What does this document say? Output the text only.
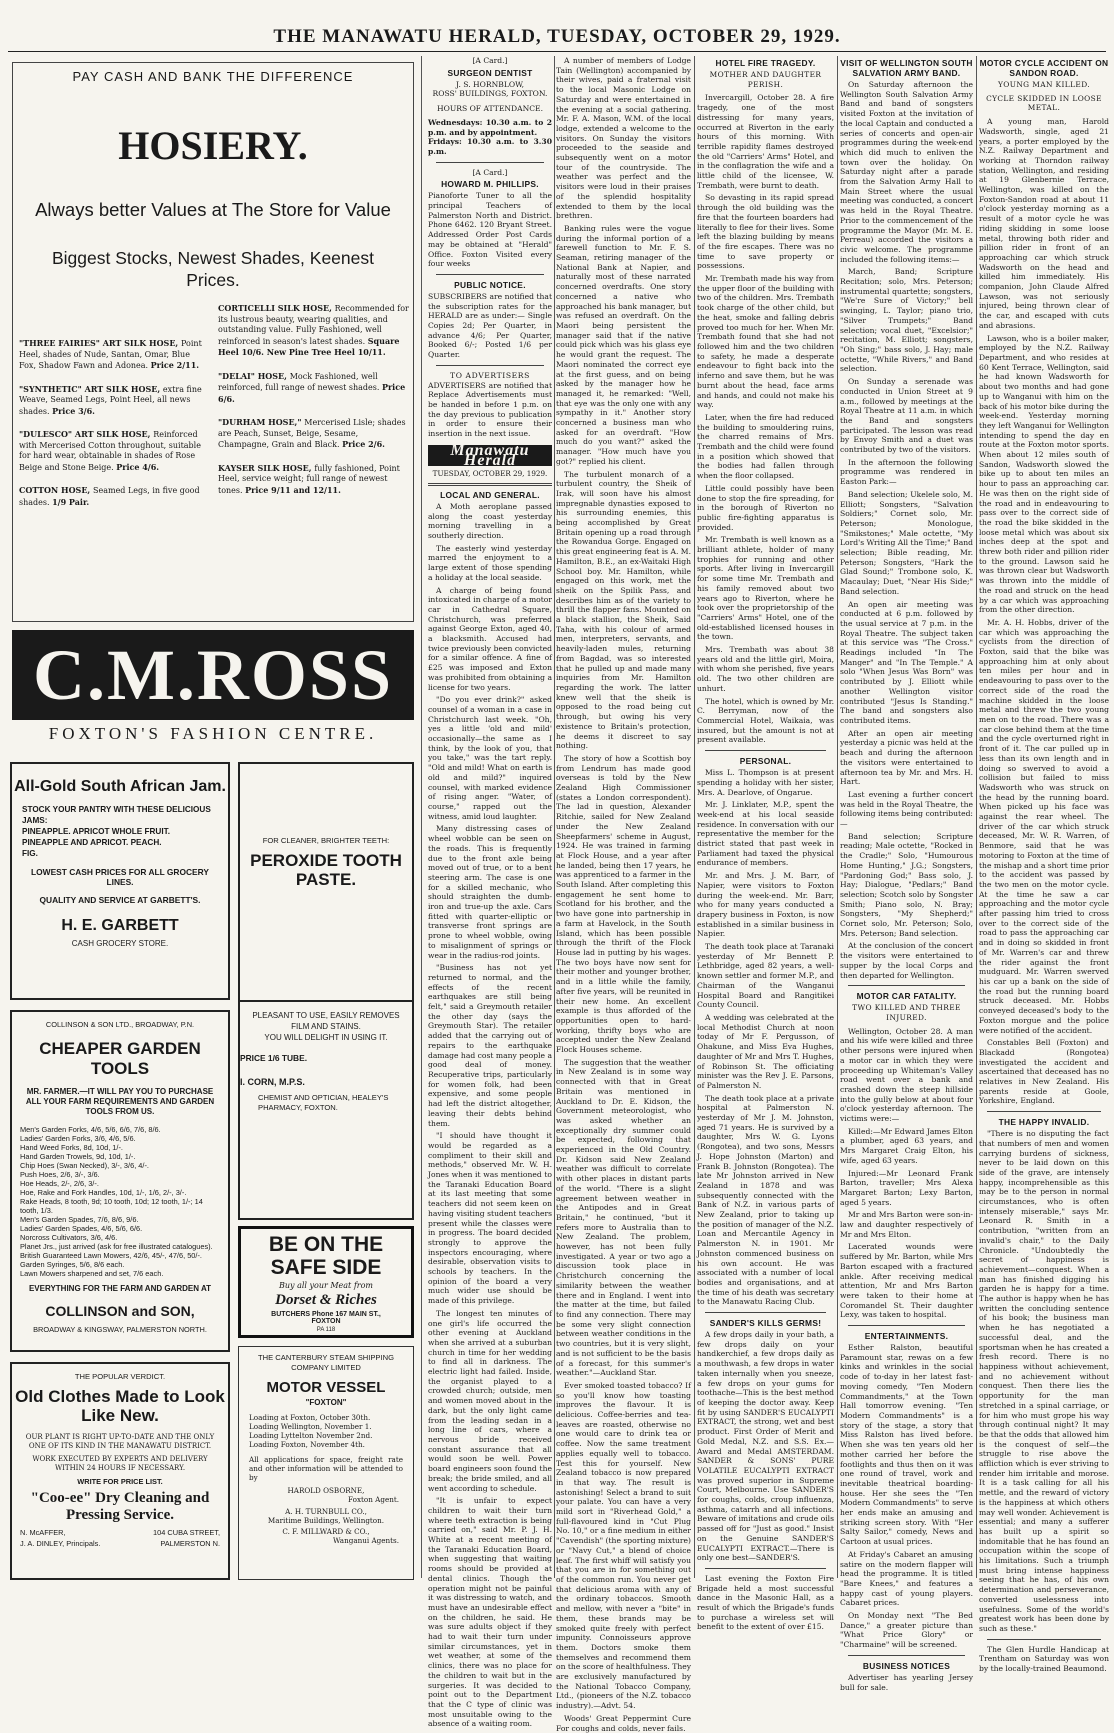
THE MANAWATU HERALD, TUESDAY, OCTOBER 29, 1929.
PAY CASH AND BANK THE DIFFERENCE
HOSIERY.
Always better Values at The Store for Value
Biggest Stocks, Newest Shades, Keenest Prices.
"THREE FAIRIES" ART SILK HOSE, Point Heel, shades of Nude, Santan, Omar, Blue Fox, Shadow Fawn and Adonea. Price 2/11.
"SYNTHETIC" ART SILK HOSE, extra fine Weave, Seamed Legs, Point Heel, all news shades. Price 3/6.
"DULESCO" ART SILK HOSE, Reinforced with Mercerised Cotton throughout, suitable for hard wear, obtainable in shades of Rose Beige and Stone Beige. Price 4/6.
COTTON HOSE, Seamed Legs, in five good shades. 1/9 Pair.
CORTICELLI SILK HOSE, Recommended for its lustrous beauty, wearing qualities, and outstanding value. Fully Fashioned, well reinforced in season's latest shades. Square Heel 10/6. New Pine Tree Heel 10/11.
"DELAI" HOSE, Mock Fashioned, well reinforced, full range of newest shades. Price 6/6.
"DURHAM HOSE," Mercerised Lisle; shades are Peach, Sunset, Beige, Sesame, Champagne, Grain and Black. Price 2/6.
KAYSER SILK HOSE, fully fashioned, Point Heel, service weight; full range of newest tones. Price 9/11 and 12/11.
C.M.ROSS
FOXTON'S FASHION CENTRE.
All-Gold South African Jam.
STOCK YOUR PANTRY WITH THESE DELICIOUS JAMS:
PINEAPPLE. APRICOT WHOLE FRUIT.
PINEAPPLE AND APRICOT. PEACH.
FIG.
LOWEST CASH PRICES FOR ALL GROCERY LINES.
QUALITY AND SERVICE AT GARBETT'S.
H. E. GARBETT
CASH GROCERY STORE.
FOR CLEANER, BRIGHTER TEETH:
PEROXIDE TOOTH PASTE.
PLEASANT TO USE, EASILY REMOVES FILM AND STAINS.
YOU WILL DELIGHT IN USING IT.
PRICE 1/6 TUBE.
I. CORN, M.P.S.
CHEMIST AND OPTICIAN, HEALEY'S PHARMACY, FOXTON.
COLLINSON & SON LTD., BROADWAY, P.N.
CHEAPER GARDEN TOOLS
MR. FARMER.—IT WILL PAY YOU TO PURCHASE ALL YOUR FARM REQUIREMENTS AND GARDEN TOOLS FROM US.
Men's Garden Forks, 4/6, 5/6, 6/6, 7/6, 8/6.
Ladies' Garden Forks, 3/6, 4/6, 5/6.
Hand Weed Forks, 8d, 10d, 1/-.
Hand Garden Trowels, 9d, 10d, 1/-.
Chip Hoes (Swan Necked), 3/-, 3/6, 4/-.
Push Hoes, 2/6, 3/-, 3/6.
Hoe Heads, 2/-, 2/6, 3/-.
Hoe, Rake and Fork Handles, 10d, 1/-, 1/6, 2/-, 3/-.
Rake Heads, 8 tooth, 9d; 10 tooth, 10d; 12 tooth, 1/-; 14 tooth, 1/3.
Men's Garden Spades, 7/6, 8/6, 9/6.
Ladies' Garden Spades, 4/6, 5/6, 6/6.
Norcross Cultivators, 3/6, 4/6.
Planet Jrs., just arrived (ask for free illustrated catalogues).
British Guaranteed Lawn Mowers, 42/6, 45/-, 47/6, 50/-.
Garden Syringes, 5/6, 8/6 each.
Lawn Mowers sharpened and set, 7/6 each.
EVERYTHING FOR THE FARM AND GARDEN AT
COLLINSON and SON,
BROADWAY & KINGSWAY, PALMERSTON NORTH.
BE ON THE SAFE SIDE
Buy all your Meat from
Dorset & Riches
BUTCHERS Phone 167 MAIN ST., FOXTON
PA 118
THE POPULAR VERDICT.
Old Clothes Made to Look Like New.
OUR PLANT IS RIGHT UP-TO-DATE AND THE ONLY ONE OF ITS KIND IN THE MANAWATU DISTRICT.
WORK EXECUTED BY EXPERTS AND DELIVERY WITHIN 24 HOURS IF NECESSARY.
WRITE FOR PRICE LIST.
"Coo-ee" Dry Cleaning and Pressing Service.
N. McAFFER,	104 CUBA STREET,
J. A. DINLEY, Principals.	PALMERSTON N.
THE CANTERBURY STEAM SHIPPING COMPANY LIMITED
MOTOR VESSEL
"FOXTON"
Loading at Foxton, October 30th.
Loading Wellington, November 1.
Loading Lyttelton November 2nd.
Loading Foxton, November 4th.
All applications for space, freight rate and other information will be attended to by
HAROLD OSBORNE,
Foxton Agent.
A. H. TURNBULL CO.,
Maritime Buildings, Wellington.
C. F. MILLWARD & CO.,
Wanganui Agents.
[A Card.]
SURGEON DENTIST
J. S. HORNBLOW,
ROSS' BUILDINGS, FOXTON.
HOURS OF ATTENDANCE.
Wednesdays: 10.30 a.m. to 2 p.m. and by appointment.
Fridays: 10.30 a.m. to 3.30 p.m.
[A Card.]
HOWARD M. PHILLIPS.
Pianoforte Tuner to all the principal Teachers of Palmerston North and District. Phone 6462. 120 Bryant Street. Addressed Order Post Cards may be obtained at "Herald" Office. Foxton Visited every four weeks
PUBLIC NOTICE.
SUBSCRIBERS are notified that the subscription rates for the HERALD are as under:— Single Copies 2d; Per Quarter, in advance 4/6; Per Quarter, Booked 6/-; Posted 1/6 per Quarter.
TO ADVERTISERS
ADVERTISERS are notified that Replace Advertisements must be handed in before 1 p.m. on the day previous to publication in order to ensure their insertion in the next issue.
Manawatu Herald
TUESDAY, OCTOBER 29, 1929.
LOCAL AND GENERAL.

A Moth aeroplane passed along the coast yesterday morning travelling in a southerly direction.

The easterly wind yesterday marred the enjoyment to a large extent of those spending a holiday at the local seaside.

A charge of being found intoxicated in charge of a motor car in Cathedral Square, Christchurch, was preferred against George Exton, aged 40, a blacksmith. Accused had twice previously been convicted for a similar offence. A fine of £25 was imposed and Exton was prohibited from obtaining a license for two years.

"Do you ever drink?" asked counsel of a woman in a case in Christchurch last week. "Oh, yes a little 'old and mild' occasionally—the same as I think, by the look of you, that you take," was the tart reply. "Old and mild! What on earth is old and mild?" inquired counsel, with marked evidence of rising anger. "Water, of course," rapped out the witness, amid loud laughter.

Many distressing cases of wheel wobble can be seen on the roads. This is frequently due to the front axle being moved out of true, or to a bent steering arm. The case is one for a skilled mechanic, who should straighten the dumb-iron and true-up the axle. Cars fitted with quarter-elliptic or transverse front springs are prone to wheel wobble, owing to misalignment of springs or wear in the radius-rod joints.

"Business has not yet returned to normal, and the effects of the recent earthquakes are still being felt," said a Greymouth retailer the other day (says the Greymouth Star). The retailer added that the carrying out of repairs to the earthquake damage had cost many people a good deal of money. Recuperative trips, particularly for women folk, had been expensive, and some people had left the district altogether, leaving their debts behind them.

"I should have thought it would be regarded as a compliment to their skill and methods," observed Mr. W. H. Jones when it was mentioned to the Taranaki Education Board at its last meeting that some teachers did not seem keen on having visiting student teachers present while the classes were in progress. The board decided strongly to approve the inspectors encouraging, where desirable, observation visits to schools by teachers. In the opinion of the board a very much wider use should be made of this privilege.

The longest ten minutes of one girl's life occurred the other evening at Auckland when she arrived at a suburban church in time for her wedding to find all in darkness. The electric light had failed. Inside, the organist played to a crowded church; outside, men and women moved about in the dark, but the only light came from the leading sedan in a long line of cars, where a nervous bride received constant assurance that all would soon be well. Power board engineers soon found the break; the bride smiled, and all went according to schedule.

"It is unfair to expect children to wait their turn where teeth extraction is being carried on," said Mr. P. J. H. White at a recent meeting of the Taranaki Education Board, when suggesting that waiting rooms should be provided at dental clinics. Though the operation might not be painful it was distressing to watch, and must have an undesirable effect on the children, he said. He was sure adults object if they had to wait their turn under similar circumstances, yet in wet weather, at some of the clinics, there was no place for the children to wait but in the surgeries. It was decided to point out to the Department that the C type of clinic was most unsuitable owing to the absence of a waiting room.

A number of members of Lodge Tain (Wellington) accompanied by their wives, paid a fraternal visit to the local Masonic Lodge on Saturday and were entertained in the evening at a social gathering. Mr. F. A. Mason, W.M. of the local lodge, extended a welcome to the visitors. On Sunday the visitors proceeded to the seaside and subsequently went on a motor tour of the countryside. The weather was perfect and the visitors were loud in their praises of the splendid hospitality extended to them by the local brethren.

Banking rules were the vogue during the informal portion of a farewell function to Mr. F. S. Seaman, retiring manager of the National Bank at Napier, and naturally most of these narrated concerned overdrafts. One story concerned a native who approached his bank manager, but was refused an overdraft. On the Maori being persistent the manager said that if the native could pick which was his glass eye he would grant the request. The Maori nominated the correct eye at the first guess, and on being asked by the manager how he managed it, he remarked: "Well, that eye was the only one with any sympathy in it." Another story concerned a business man who asked for an overdraft. "How much do you want?" asked the manager. "How much have you got?" replied his client.

The turbulent monarch of a turbulent country, the Sheik of Irak, will soon have his almost impregnable dynasties exposed to his surrounding enemies, this being accomplished by Great Britain opening up a road through the Rowandua Gorge. Engaged on this great engineering feat is A. M. Hamilton, B.E., an ex-Waitaki High School boy. Mr. Hamilton, while engaged on this work, met the sheik on the Spilik Pass, and describes him as of the variety to thrill the flapper fans. Mounted on a black stallion, the Sheik, Said Taha, with his colour of armed men, interpreters, servants, and heavily-laden mules, returning from Bagdad, was so interested that he pulled up and made many inquiries from Mr. Hamilton regarding the work. The latter knew well that the sheik is opposed to the road being cut through, but owing his very existence to Britain's protection, he deems it discreet to say nothing.

The story of how a Scottish boy from Lendrum has made good overseas is told by the New Zealand High Commissioner (states a London correspondent). The lad in question, Alexander Ritchie, sailed for New Zealand under the New Zealand Sheepfarmers' scheme in August, 1924. He was trained in farming at Flock House, and a year after he landed, being then 17 years, he was apprenticed to a farmer in the South Island. After completing this engagement he sent home to Scotland for his brother, and the two have gone into partnership in a farm at Havelock, in the South Island, which has been possible through the thrift of the Flock House lad in putting by his wages. The two boys have now sent for their mother and younger brother, and in a little while the family, after five years, will be reunited in their new home. An excellent example is thus afforded of the opportunities open to hard-working, thrifty boys who are accepted under the New Zealand Flock Houses scheme.

The suggestion that the weather in New Zealand is in some way connected with that in Great Britain was mentioned in Auckland to Dr. E. Kidson, the Government meteorologist, who was asked whether an exceptionally dry summer could be expected, following that experienced in the Old Country. Dr. Kidson said New Zealand weather was difficult to correlate with other places in distant parts of the world. "There is a slight agreement between weather in the Antipodes and in Great Britain," he continued, "but it refers more to Australia than to New Zealand. The problem, however, has not been fully investigated. A year or two ago a discussion took place in Christchurch concerning the similarity between the weather there and in England. I went into the matter at the time, but failed to find any connection. There may be some very slight connection between weather conditions in the two countries, but it is very slight, and is not sufficient to be the basis of a forecast, for this summer's weather."—Auckland Star.

Ever smoked toasted tobacco? If so you'll know how toasting improves the flavour. It is delicious. Coffee-berries and tea-leaves are roasted, otherwise no one would care to drink tea or coffee. Now the same treatment applies equally well to tobacco. Test this for yourself. New Zealand tobacco is now prepared in that way. The result is astonishing! Select a brand to suit your palate. You can have a very mild sort in "Riverhead Gold," a full-flavoured kind in "Cut Plug No. 10," or a fine medium in either "Cavendish" (the sporting mixture) or "Navy Cut," a blend of choice leaf. The first whiff will satisfy you that you are in for something out of the common run. You never get that delicious aroma with any of the ordinary tobaccos. Smooth and mellow, with never a "bite" in them, these brands may be smoked quite freely with perfect impunity. Connoisseurs approve them. Doctors smoke them themselves and recommend them on the score of healthfulness. They are exclusively manufactured by the National Tobacco Company, Ltd., (pioneers of the N.Z. tobacco industry).—Advt. 54.

Woods' Great Peppermint Cure For coughs and colds, never fails.

HOTEL FIRE TRAGEDY.
MOTHER AND DAUGHTER PERISH.

Invercargill, October 28. A fire tragedy, one of the most distressing for many years, occurred at Riverton in the early hours of this morning. With terrible rapidity flames destroyed the old "Carriers' Arms" Hotel, and in the conflagration the wife and a little child of the licensee, W. Trembath, were burnt to death.

So devasting in its rapid spread through the old building was the fire that the fourteen boarders had literally to flee for their lives. Some left the blazing building by means of the fire escapes. There was no time to save property or possessions.

Mr. Trembath made his way from the upper floor of the building with two of the children. Mrs. Trembath took charge of the other child, but the heat, smoke and falling debris proved too much for her. When Mr. Trembath found that she had not followed him and the two children to safety, he made a desperate endeavour to fight back into the inferno and save them, but he was burnt about the head, face arms and hands, and could not make his way.

Later, when the fire had reduced the building to smouldering ruins, the charred remains of Mrs. Trembath and the child were found in a position which showed that the bodies had fallen through when the floor collapsed.

Little could possibly have been done to stop the fire spreading, for in the borough of Riverton no public fire-fighting apparatus is provided.

Mr. Trembath is well known as a brilliant athlete, holder of many trophies for running and other sports. After living in Invercargill for some time Mr. Trembath and his family removed about two years ago to Riverton, where he took over the proprietorship of the "Carriers' Arms" Hotel, one of the old-established licensed houses in the town.

Mrs. Trembath was about 38 years old and the little girl, Moira, with whom she perished, five years old. The two other children are unhurt.

The hotel, which is owned by Mr. C. Berryman, now of the Commercial Hotel, Waikaia, was insured, but the amount is not at present available.

PERSONAL.

Miss L. Thompson is at present spending a holiday with her sister, Mrs. A. Dearlove, of Ongarue.

Mr. J. Linklater, M.P., spent the week-end at his local seaside residence. In conversation with our representative the member for the district stated that past week in Parliament had taxed the physical endurance of members.

Mr. and Mrs. J. M. Barr, of Napier, were visitors to Foxton during the week-end. Mr. Barr, who for many years conducted a drapery business in Foxton, is now established in a similar business in Napier.

The death took place at Taranaki yesterday of Mr Bennett P. Lethbridge, aged 82 years, a well-known settler and former M.P., and Chairman of the Wanganui Hospital Board and Rangitikei County Council.

A wedding was celebrated at the local Methodist Church at noon today of Mr F. Pergusson, of Ohakune, and Miss Eva Hughes, daughter of Mr and Mrs T. Hughes, of Robinson St. The officiating minister was the Rev J. E. Parsons, of Palmerston N.

The death took place at a private hospital at Palmerston N. yesterday of Mr J. M. Johnston, aged 71 years. He is survived by a daughter, Mrs W. G. Lyons (Rongotea), and two sons, Messrs J. Hope Johnston (Marton) and Frank B. Johnston (Rongotea). The late Mr Johnston arrived in New Zealand in 1878 and was subsequently connected with the Bank of N.Z. in various parts of New Zealand, prior to taking up the position of manager of the N.Z. Loan and Mercantile Agency in Palmerston N. in 1901. Mr Johnston commenced business on his own account. He was associated with a number of local bodies and organisations, and at the time of his death was secretary to the Manawatu Racing Club.

SANDER'S KILLS GERMS!

A few drops daily in your bath, a few drops daily on your handkerchief, a few drops daily as a mouthwash, a few drops in water taken internally when you sneeze, a few drops on your gums for toothache—This is the best method of keeping the doctor away. Keep fit by using SANDER'S EUCALYPTI EXTRACT, the strong, wet and best product. First Order of Merit and Gold Medal, N.Z. and S.S. Ex.—Award and Medal AMSTERDAM. SANDER & SONS' PURE VOLATILE EUCALYPTI EXTRACT was proved superior in Supreme Court, Melbourne. Use SANDER'S for coughs, colds, croup influenza, asthma, catarrh and all infections. Beware of imitations and crude oils passed off for "Just as good." Insist on the Genuine SANDER'S EUCALYPTI EXTRACT.—There is only one best—SANDER'S.

Last evening the Foxton Fire Brigade held a most successful dance in the Masonic Hall, as a result of which the Brigade's funds to purchase a wireless set will benefit to the extent of over £15.

VISIT OF WELLINGTON SOUTH SALVATION ARMY BAND.

On Saturday afternoon the Wellington South Salvation Army Band and band of songsters visited Foxton at the invitation of the local Captain and conducted a series of concerts and open-air programmes during the week-end which did much to enliven the town over the holiday. On Saturday night after a parade from the Salvation Army Hall to Main Street where the usual meeting was conducted, a concert was held in the Royal Theatre. Prior to the commencement of the programme the Mayor (Mr. M. E. Perreau) accorded the visitors a civic welcome. The programme included the following items:—

March, Band; Scripture Recitation; solo, Mrs. Peterson; instrumental quartette; songsters, "We're Sure of Victory;" bell swinging, L. Taylor; piano trio, "Silver Trumpets;" Band selection; vocal duet, "Excelsior;" recitation, M. Elliott; songsters, "Oh Sing;" bass solo, J. Hay; male octette, "While Rivers," and Band selection.

On Sunday a serenade was conducted in Union Street at 9 a.m., followed by meetings at the Royal Theatre at 11 a.m. in which the Band and songsters participated. The lesson was read by Envoy Smith and a duet was contributed by two of the visitors.

In the afternoon the following programme was rendered in Easton Park:—

Band selection; Ukelele solo, M. Elliott; Songsters, "Salvation Soldiers;" Cornet solo, Mr. Peterson; Monologue, "Smikstones;" Male octette, "My Lord's Writing All the Time;" Band selection; Bible reading, Mr. Peterson; Songsters, "Hark the Glad Sound;" Trombone solo, K. Macaulay; Duet, "Near His Side;" Band selection.

An open air meeting was conducted at 6 p.m. followed by the usual service at 7 p.m. in the Royal Theatre. The subject taken at this service was "The Cross." Readings included "In The Manger" and "In The Temple." A solo "When Jesus Was Born" was contributed by J. Elliott while another Wellington visitor contributed "Jesus Is Standing." The band and songsters also contributed items.

After an open air meeting yesterday a picnic was held at the beach and during the afternoon the visitors were entertained to afternoon tea by Mr. and Mrs. H. Hart.

Last evening a further concert was held in the Royal Theatre, the following items being contributed:—

Band selection; Scripture reading; Male octette, "Rocked in the Cradle;" Solo, "Humourous Home Hunting," J.G.; Songsters, "Pardoning God;" Bass solo, J. Hay; Dialogue, "Pedlars;" Band selection; Scotch solo by Songster Smith; Piano solo, N. Bray; Songsters, "My Shepherd;" Cornet solo, Mr. Peterson; Solo, Mrs. Peterson; Band selection.

At the conclusion of the concert the visitors were entertained to supper by the local Corps and then departed for Wellington.

MOTOR CAR FATALITY.
TWO KILLED AND THREE INJURED.

Wellington, October 28. A man and his wife were killed and three other persons were injured when a motor car in which they were proceeding up Whiteman's Valley road went over a bank and crashed down the steep hillside into the gully below at about four o'clock yesterday afternoon. The victims were:—

Killed:—Mr Edward James Elton a plumber, aged 63 years, and Mrs Margaret Craig Elton, his wife, aged 63 years.

Injured:—Mr Leonard Frank Barton, traveller; Mrs Alexa Margaret Barton; Lexy Barton, aged 5 years.

Mr and Mrs Barton were son-in-law and daughter respectively of Mr and Mrs Elton.

Lacerated wounds were suffered by Mr. Barton, while Mrs Barton escaped with a fractured ankle. After receiving medical attention, Mr and Mrs Barton were taken to their home at Coromandel St. Their daughter Lexy, was taken to hospital.

ENTERTAINMENTS.

Esther Ralston, beautiful Paramount star, rewas on a few kinks and wrinkles in the social code of to-day in her latest fast-moving comedy, "Ten Modern Commandments," at the Town Hall tomorrow evening. "Ten Modern Commandments" is a story of the stage, a story that Miss Ralston has lived before. When she was ten years old her mother carried her before the footlights and thus then on it was one round of travel, work and inevitable theatrical boarding-house. Her she sees the "Ten Modern Commandments" to serve her ends make an amusing and striking screen story. With "Her Salty Sailor," comedy, News and Cartoon at usual prices.

At Friday's Cabaret an amusing satire on the modern flapper will head the programme. It is titled "Bare Knees," and features a happy cast of young players. Cabaret prices.

On Monday next "The Bed Dance," a greater picture than "What Price Glory" or "Charmaine" will be screened.

BUSINESS NOTICES

Advertiser has yearling Jersey bull for sale.

MOTOR CYCLE ACCIDENT ON SANDON ROAD.
YOUNG MAN KILLED.
CYCLE SKIDDED IN LOOSE METAL.

A young man, Harold Wadsworth, single, aged 21 years, a porter employed by the N.Z. Railway Department and working at Thorndon railway station, Wellington, and residing at 19 Glenbernie Terrace, Wellington, was killed on the Foxton-Sandon road at about 11 o'clock yesterday morning as a result of a motor cycle he was riding skidding in some loose metal, throwing both rider and pillion rider in front of an approaching car which struck Wadsworth on the head and killed him immediately. His companion, John Claude Alfred Lawson, was not seriously injured, being thrown clear of the car, and escaped with cuts and abrasions.

Lawson, who is a boiler maker, employed by the N.Z. Railway Department, and who resides at 60 Kent Terrace, Wellington, said he had known Wadsworth for about two months and had gone up to Wanganui with him on the back of his motor bike during the week-end. Yesterday morning they left Wanganui for Wellington intending to spend the day en route at the Foxton motor sports. When about 12 miles south of Sandon, Wadsworth slowed the bike up to about ten miles an hour to pass an approaching car. He was then on the right side of the road and in endeavouring to pass over to the correct side of the road the bike skidded in the loose metal which was about six inches deep at the spot and threw both rider and pillion rider to the ground. Lawson said he was thrown clear but Wadsworth was thrown into the middle of the road and struck on the head by a car which was approaching from the other direction.

Mr. A. H. Hobbs, driver of the car which was approaching the cyclists from the direction of Foxton, said that the bike was approaching him at only about ten miles per hour and in endeavouring to pass over to the correct side of the road the machine skidded in the loose metal and threw the two young men on to the road. There was a car close behind them at the time and the cycle overturned right in front of it. The car pulled up in less than its own length and in doing so swerved to avoid a collision but failed to miss Wadsworth who was struck on the head by the running board. When picked up his face was against the rear wheel. The driver of the car which struck deceased, Mr. W. R. Warren, of Benmore, said that he was motoring to Foxton at the time of the mishap and a short time prior to the accident was passed by the two men on the motor cycle. At the time he saw a car approaching and the motor cycle after passing him tried to cross over to the correct side of the road to pass the approaching car and in doing so skidded in front of Mr. Warren's car and threw the rider against the front mudguard. Mr. Warren swerved his car up a bank on the side of the road but the running board struck deceased. Mr. Hobbs conveyed deceased's body to the Foxton morgue and the police were notified of the accident.

Constables Bell (Foxton) and Blackadd (Rongotea) investigated the accident and ascertained that deceased has no relatives in New Zealand. His parents reside at Goole, Yorkshire, England.

THE HAPPY INVALID.

"There is no disputing the fact that numbers of men and women carrying burdens of sickness, never to be laid down on this side of the grave, are intensely happy, incomprehensible as this may be to the person in normal circumstances, who is often intensely miserable," says Mr. Leonard R. Smith in a contribution, "written from an invalid's chair," to the Daily Chronicle. "Undoubtedly the secret of happiness is achievement—conquest. When a man has finished digging his garden he is happy for a time. The author is happy when he has written the concluding sentence of his book; the business man when he has negotiated a successful deal, and the sportsman when he has created a fresh record. There is no happiness without achievement, and no achievement without conquest. Then there lies the opportunity for the man stretched in a spinal carriage, or for him who must grope his way through continual night? It may be that the odds that allowed him is the conquest of self—the struggle to rise above the affliction which is ever striving to render him irritable and morose. It is a task calling for all his mettle, and the reward of victory is the happiness at which others may well wonder. Achievement is essential; and many a sufferer has built up a spirit so indomitable that he has found an occupation within the scope of his limitations. Such a triumph must bring intense happiness seeing that he has, of his own determination and perseverance, converted uselessness into usefulness. Some of the world's greatest work has been done by such as these."

The Glen Hurdle Handicap at Trentham on Saturday was won by the locally-trained Beaumond.
